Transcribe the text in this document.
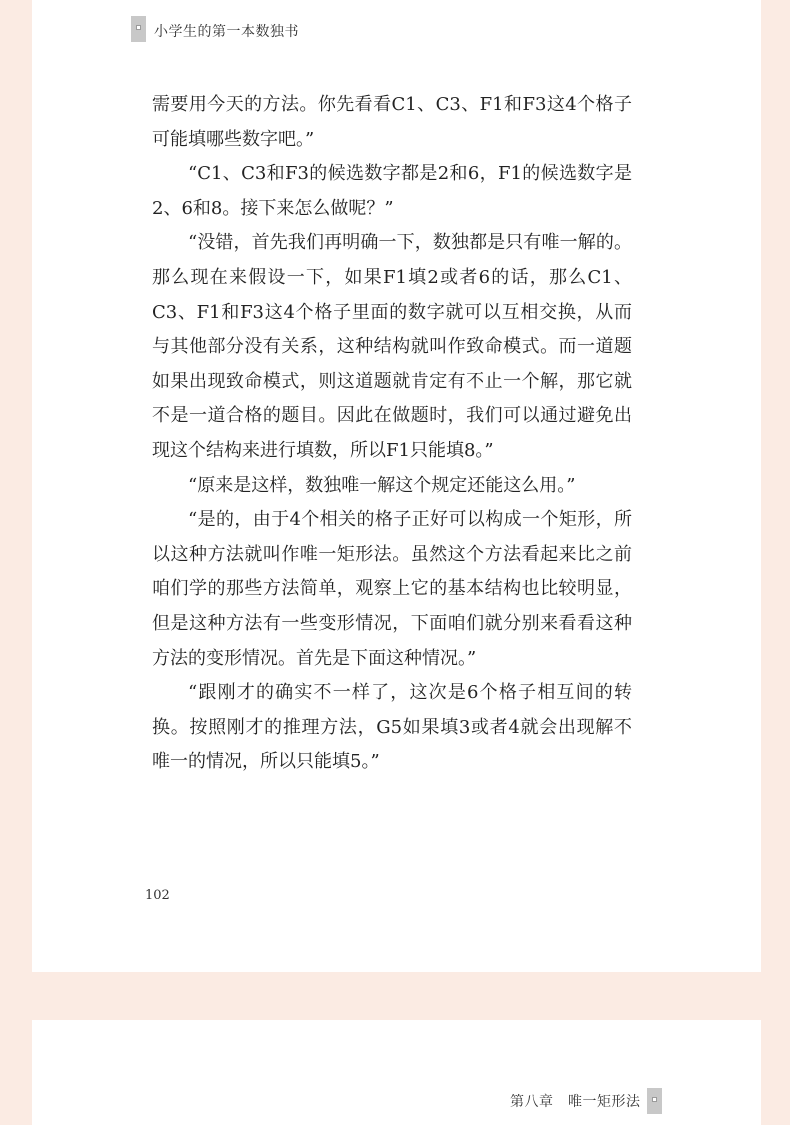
小学生的第一本数独书

需要用今天的方法。你先看看C1、C3、F1和F3这4个格子可能填哪些数字吧。”

“C1、C3和F3的候选数字都是2和6，F1的候选数字是2、6和8。接下来怎么做呢？”

“没错，首先我们再明确一下，数独都是只有唯一解的。那么现在来假设一下，如果F1填2或者6的话，那么C1、C3、F1和F3这4个格子里面的数字就可以互相交换，从而与其他部分没有关系，这种结构就叫作致命模式。而一道题如果出现致命模式，则这道题就肯定有不止一个解，那它就不是一道合格的题目。因此在做题时，我们可以通过避免出现这个结构来进行填数，所以F1只能填8。”

“原来是这样，数独唯一解这个规定还能这么用。”

“是的，由于4个相关的格子正好可以构成一个矩形，所以这种方法就叫作唯一矩形法。虽然这个方法看起来比之前咱们学的那些方法简单，观察上它的基本结构也比较明显，但是这种方法有一些变形情况，下面咱们就分别来看看这种方法的变形情况。首先是下面这种情况。”

“跟刚才的确实不一样了，这次是6个格子相互间的转换。按照刚才的推理方法，G5如果填3或者4就会出现解不唯一的情况，所以只能填5。”

102
第八章　唯一矩形法
